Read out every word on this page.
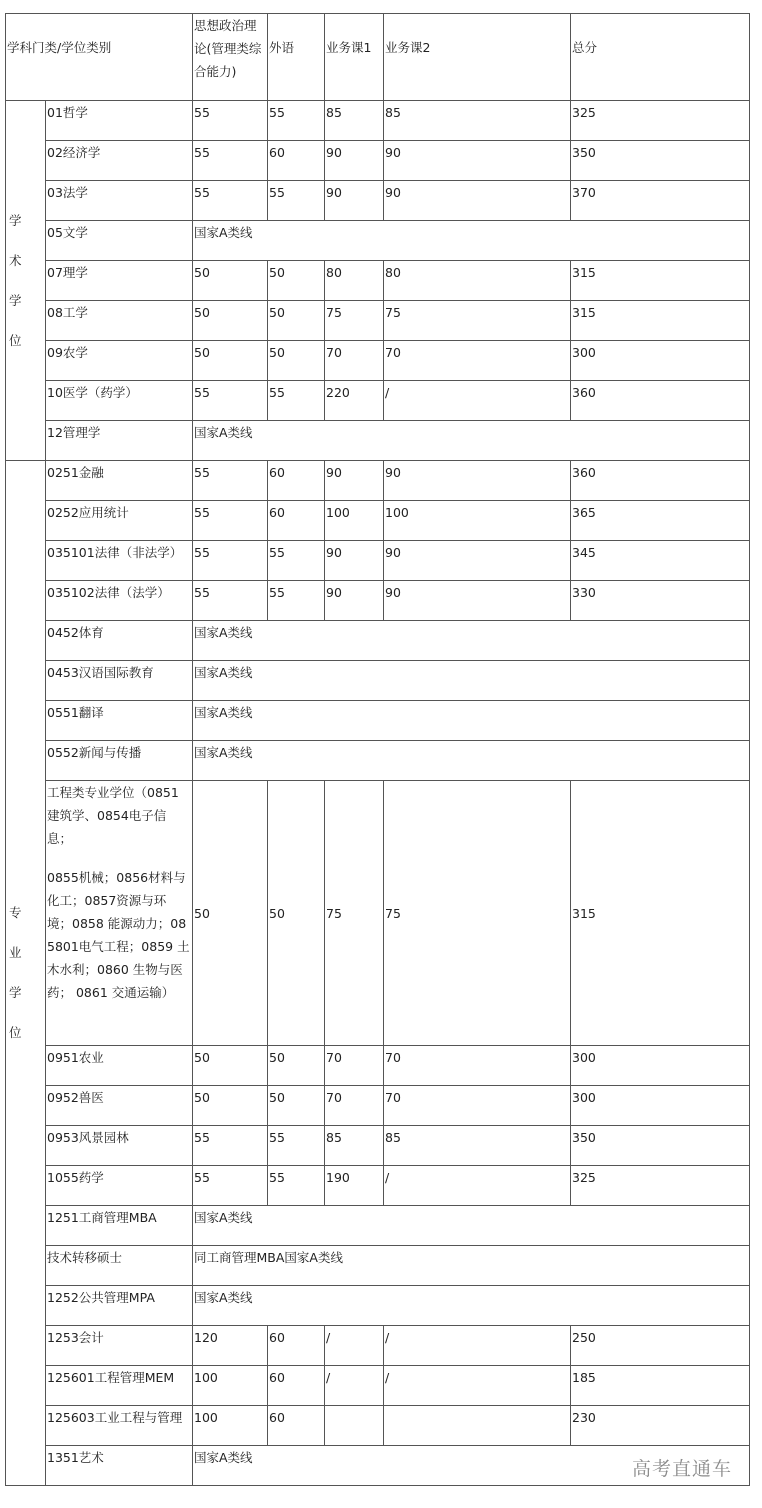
学科门类/学位类别		思想政治理论(管理类综合能力)	外语	业务课1	业务课2	总分

学术学位	01哲学	55	55	85	85	325

	02经济学	55	60	90	90	350

	03法学	55	55	90	90	370

	05文学	国家A类线				

	07理学	50	50	80	80	315

	08工学	50	50	75	75	315

	09农学	50	50	70	70	300

	10医学（药学）	55	55	220	/	360

	12管理学	国家A类线				

专业学位	0251金融	55	60	90	90	360

	0252应用统计	55	60	100	100	365

	035101法律（非法学）	55	55	90	90	345

	035102法律（法学）	55	55	90	90	330

	0452体育	国家A类线				

	0453汉语国际教育	国家A类线				

	0551翻译	国家A类线				

	0552新闻与传播	国家A类线				

	工程类专业学位（0851建筑学、0854电子信息；
0855机械；0856材料与化工；0857资源与环境；0858 能源动力；085801电气工程；0859 土木水利；0860 生物与医药； 0861 交通运输）	50	50	75	75	315

	0951农业	50	50	70	70	300

	0952兽医	50	50	70	70	300

	0953风景园林	55	55	85	85	350

	1055药学	55	55	190	/	325

	1251工商管理MBA	国家A类线				

	技术转移硕士	同工商管理MBA国家A类线				

	1252公共管理MPA	国家A类线				

	1253会计	120	60	/	/	250

	125601工程管理MEM	100	60	/	/	185

	125603工业工程与管理	100	60			230

	1351艺术	国家A类线				
高考直通车
